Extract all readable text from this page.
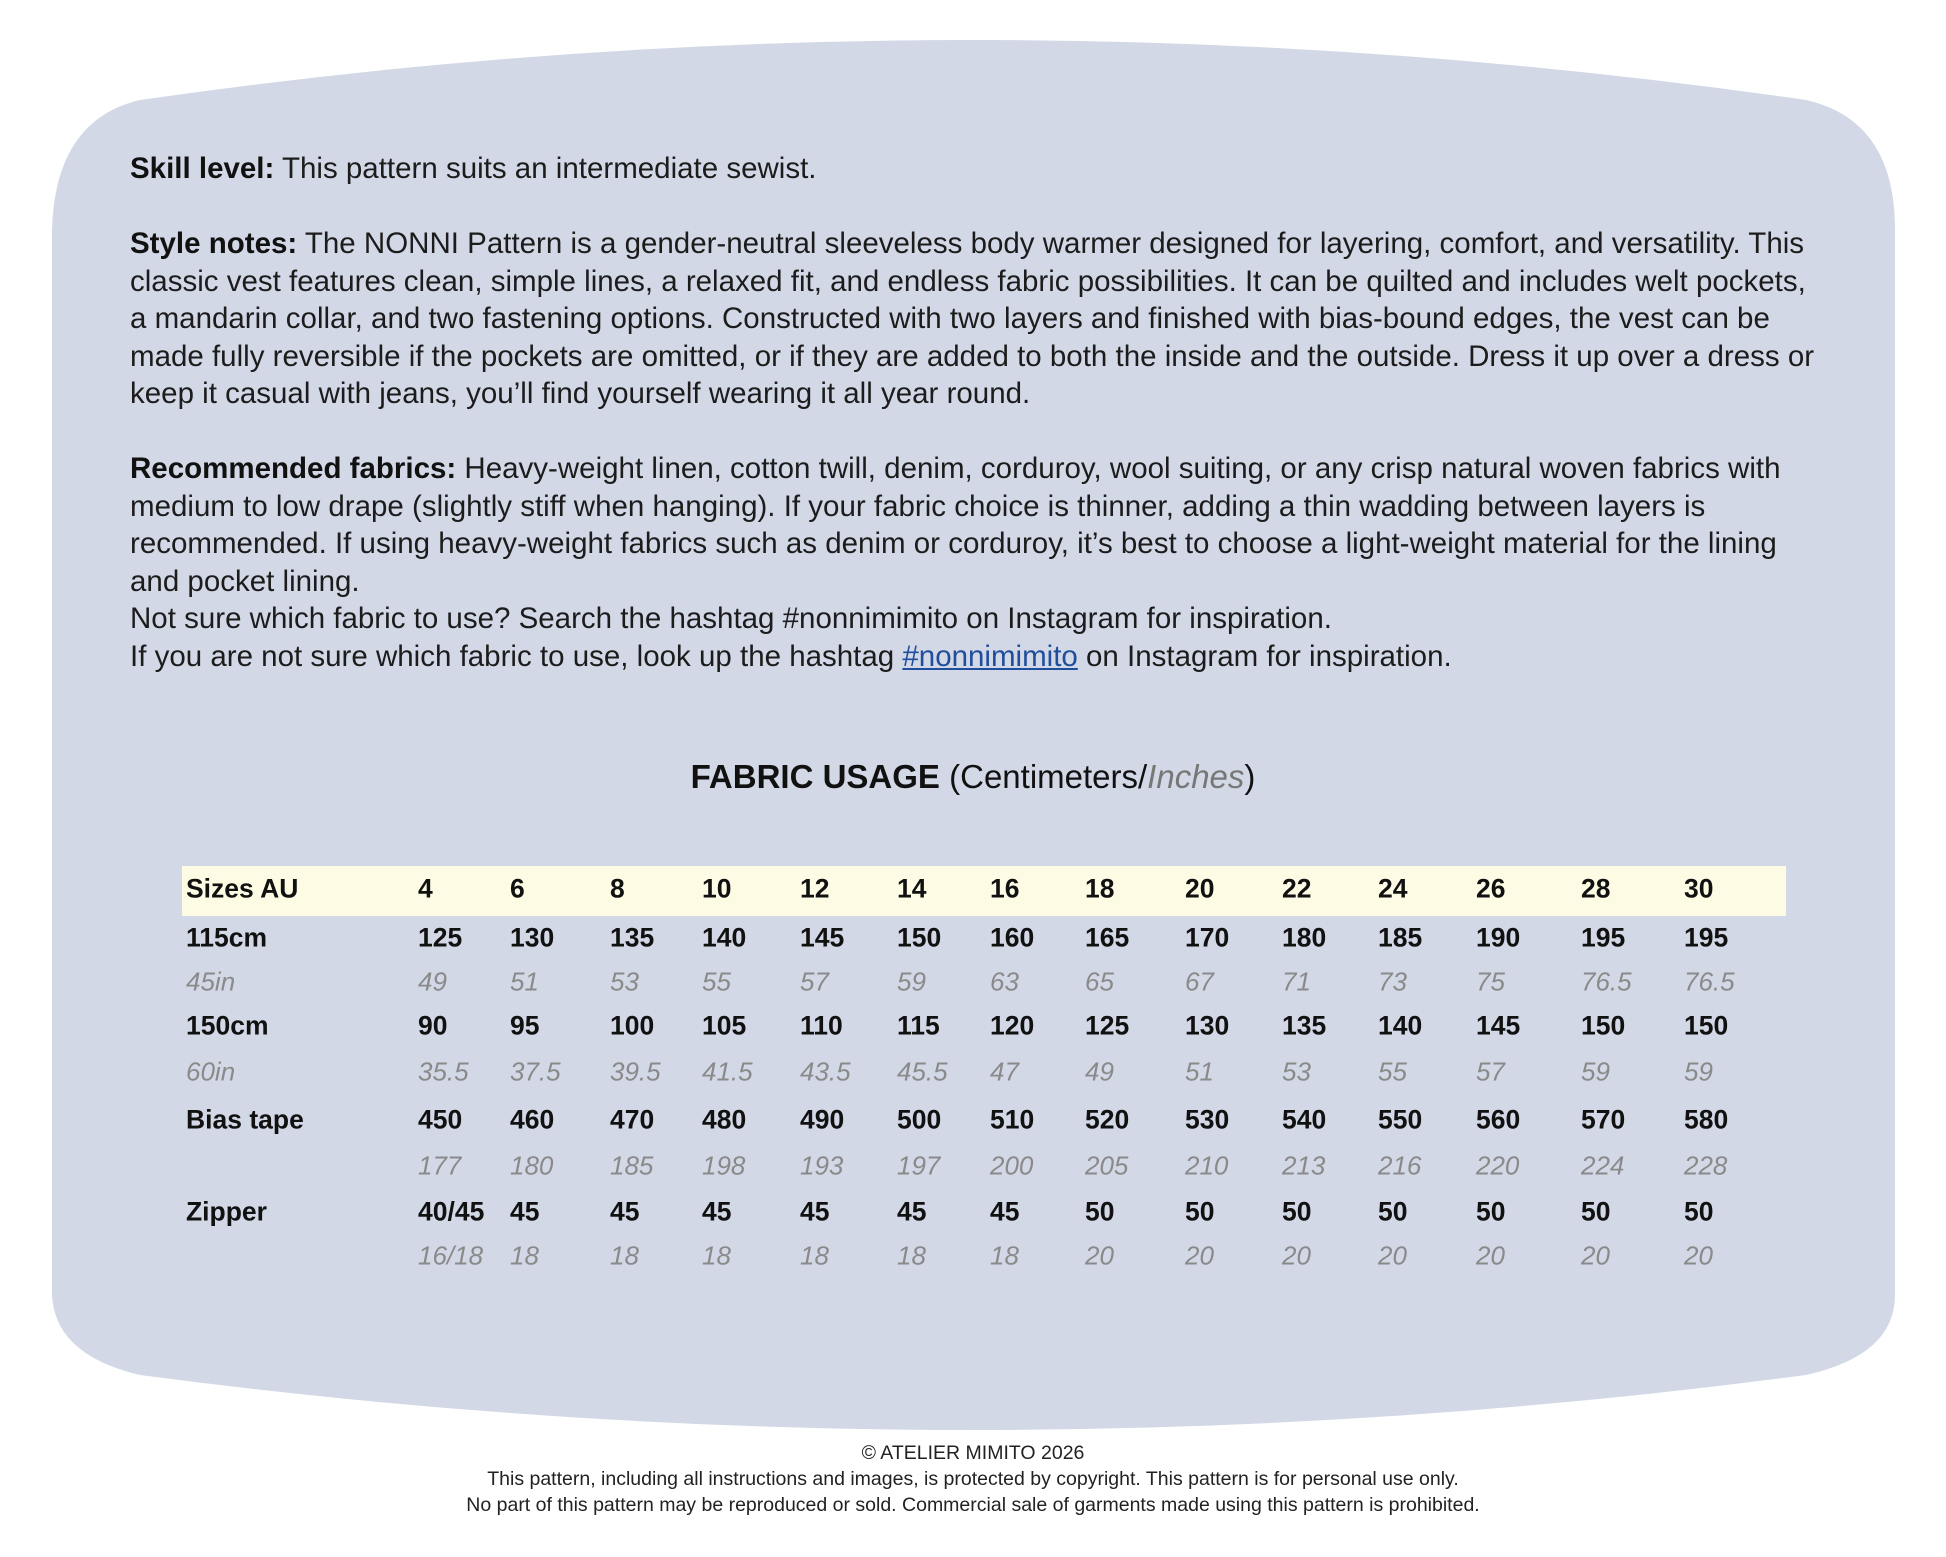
Skill level: This pattern suits an intermediate sewist.

Style notes: The NONNI Pattern is a gender-neutral sleeveless body warmer designed for layering, comfort, and versatility. This classic vest features clean, simple lines, a relaxed fit, and endless fabric possibilities. It can be quilted and includes welt pockets, a mandarin collar, and two fastening options. Constructed with two layers and finished with bias-bound edges, the vest can be made fully reversible if the pockets are omitted, or if they are added to both the inside and the outside. Dress it up over a dress or keep it casual with jeans, you’ll find yourself wearing it all year round.

Recommended fabrics: Heavy-weight linen, cotton twill, denim, corduroy, wool suiting, or any crisp natural woven fabrics with medium to low drape (slightly stiff when hanging). If your fabric choice is thinner, adding a thin wadding between layers is recommended. If using heavy-weight fabrics such as denim or corduroy, it’s best to choose a light-weight material for the lining and pocket lining.

Not sure which fabric to use? Search the hashtag #nonnimimito on Instagram for inspiration.

If you are not sure which fabric to use, look up the hashtag #nonnimimito on Instagram for inspiration.

FABRIC USAGE (Centimeters/Inches)
Sizes AU	4	6	8	10	12	14 16 18	20	22	24	26	28	30
115cm	125 130 135 140 145 150 160 165 170 180 185 190 195 195
45in	49 51	53 55	57	59 63	65	67	71	73	75	76.5 76.5
150cm	90 95	100 105 110 115 120 125 130 135 140 145 150 150
60in	35.5 37.5 39.5 41.5 43.5 45.5 47	49	51	53	55	57	59	59
Bias tape	450 460 470 480 490 500 510 520 530 540 550 560 570 580
177 180 185 198 193 197 200 205 210 213 216 220 224 228
Zipper	40/45 45	45 45	45	45 45 50	50	50	50	50	50	50
16/18 18	18 18	18	18 18	20	20	20	20	20	20	20

© ATELIER MIMITO 2026

This pattern, including all instructions and images, is protected by copyright. This pattern is for personal use only.

No part of this pattern may be reproduced or sold. Commercial sale of garments made using this pattern is prohibited.
